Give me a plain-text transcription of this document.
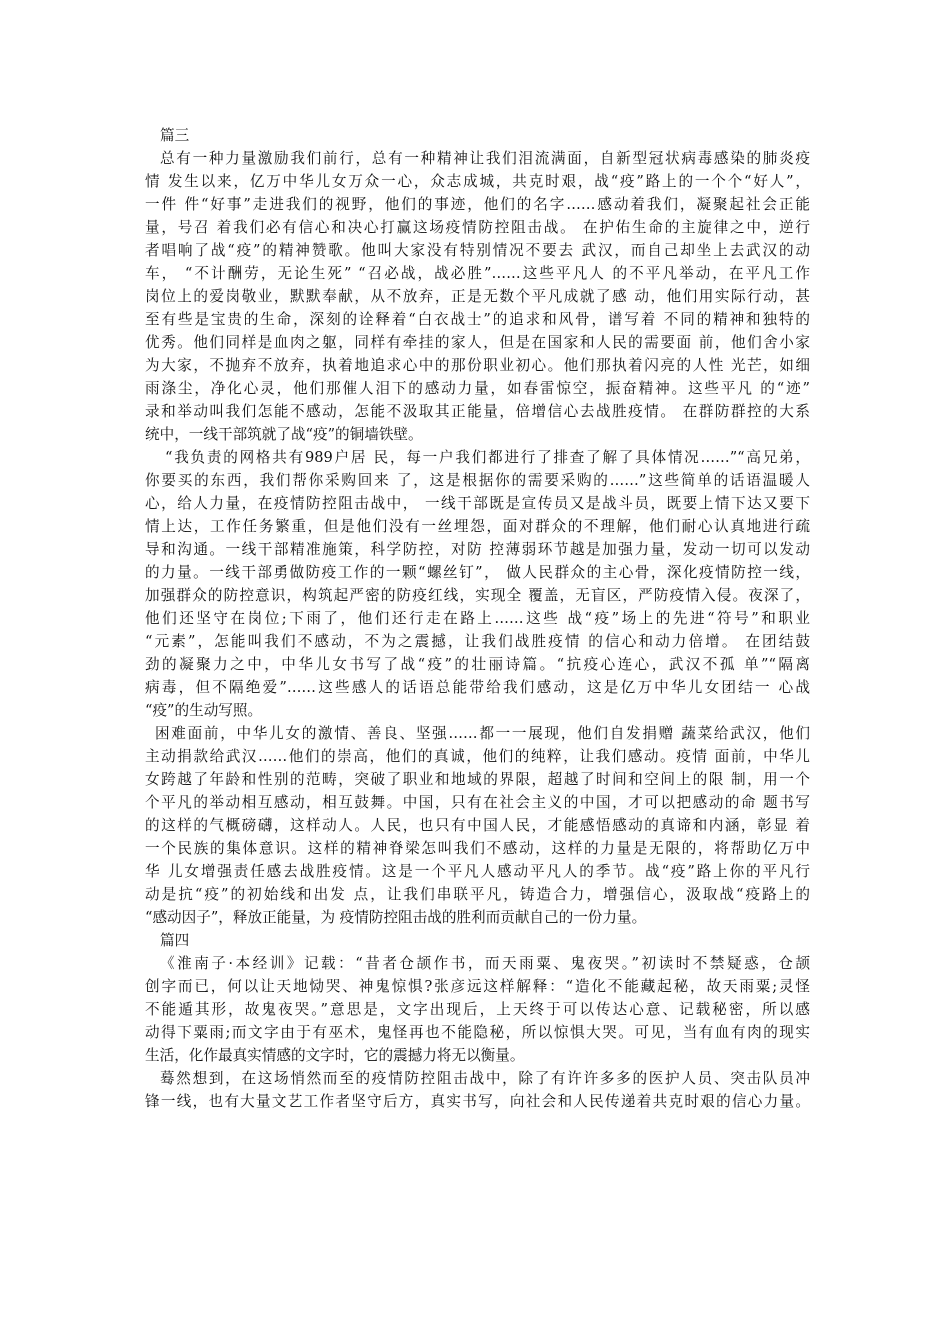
篇三
总有一种力量激励我们前行，总有一种精神让我们泪流满面，自新型冠状病毒感染的肺炎疫
情 发生以来，亿万中华儿女万众一心，众志成城，共克时艰，战“疫”路上的一个个“好人”，
一件 件“好事”走进我们的视野，他们的事迹，他们的名字……感动着我们，凝聚起社会正能
量，号召 着我们必有信心和决心打赢这场疫情防控阻击战。 在护佑生命的主旋律之中，逆行
者唱响了战“疫”的精神赞歌。他叫大家没有特别情况不要去 武汉，而自己却坐上去武汉的动
车， “不计酬劳，无论生死” “召必战，战必胜”……这些平凡人 的不平凡举动，在平凡工作
岗位上的爱岗敬业，默默奉献，从不放弃，正是无数个平凡成就了感 动，他们用实际行动，甚
至有些是宝贵的生命，深刻的诠释着“白衣战士”的追求和风骨，谱写着 不同的精神和独特的
优秀。他们同样是血肉之躯，同样有牵挂的家人，但是在国家和人民的需要面 前，他们舍小家
为大家，不抛弃不放弃，执着地追求心中的那份职业初心。他们那执着闪亮的人性 光芒，如细
雨涤尘，净化心灵，他们那催人泪下的感动力量，如春雷惊空，振奋精神。这些平凡 的“迹”
录和举动叫我们怎能不感动，怎能不汲取其正能量，倍增信心去战胜疫情。 在群防群控的大系
统中，一线干部筑就了战“疫”的铜墙铁壁。
“我负责的网格共有989户居 民，每一户我们都进行了排查了解了具体情况……”“高兄弟，
你要买的东西，我们帮你采购回来 了，这是根据你的需要采购的……”这些简单的话语温暖人
心，给人力量，在疫情防控阻击战中， 一线干部既是宣传员又是战斗员，既要上情下达又要下
情上达，工作任务繁重，但是他们没有一丝埋怨，面对群众的不理解，他们耐心认真地进行疏
导和沟通。一线干部精准施策，科学防控，对防 控薄弱环节越是加强力量，发动一切可以发动
的力量。一线干部勇做防疫工作的一颗“螺丝钉”， 做人民群众的主心骨，深化疫情防控一线，
加强群众的防控意识，构筑起严密的防疫红线，实现全 覆盖，无盲区，严防疫情入侵。夜深了，
他们还坚守在岗位;下雨了，他们还行走在路上……这些 战“疫”场上的先进“符号”和职业
“元素”，怎能叫我们不感动，不为之震撼，让我们战胜疫情 的信心和动力倍增。 在团结鼓
劲的凝聚力之中，中华儿女书写了战“疫”的壮丽诗篇。“抗疫心连心，武汉不孤 单”“隔离
病毒，但不隔绝爱”……这些感人的话语总能带给我们感动，这是亿万中华儿女团结一 心战
“疫”的生动写照。
困难面前，中华儿女的激情、善良、坚强……都一一展现，他们自发捐赠 蔬菜给武汉，他们
主动捐款给武汉……他们的崇高，他们的真诚，他们的纯粹，让我们感动。疫情 面前，中华儿
女跨越了年龄和性别的范畴，突破了职业和地域的界限，超越了时间和空间上的限 制，用一个
个平凡的举动相互感动，相互鼓舞。中国，只有在社会主义的中国，才可以把感动的命 题书写
的这样的气概磅礴，这样动人。人民，也只有中国人民，才能感悟感动的真谛和内涵，彰显 着
一个民族的集体意识。这样的精神脊梁怎叫我们不感动，这样的力量是无限的，将帮助亿万中
华 儿女增强责任感去战胜疫情。这是一个平凡人感动平凡人的季节。战“疫”路上你的平凡行
动是抗“疫”的初始线和出发 点，让我们串联平凡，铸造合力，增强信心，汲取战“疫路上的
“感动因子”，释放正能量，为 疫情防控阻击战的胜利而贡献自己的一份力量。
篇四
《淮南子·本经训》记载：“昔者仓颉作书，而天雨粟、鬼夜哭。”初读时不禁疑惑，仓颉
创字而已，何以让天地恸哭、神鬼惊惧?张彦远这样解释：“造化不能藏起秘，故天雨粟;灵怪
不能遁其形，故鬼夜哭。”意思是，文字出现后，上天终于可以传达心意、记载秘密，所以感
动得下粟雨;而文字由于有巫术，鬼怪再也不能隐秘，所以惊惧大哭。可见，当有血有肉的现实
生活，化作最真实情感的文字时，它的震撼力将无以衡量。
蓦然想到，在这场悄然而至的疫情防控阻击战中，除了有许许多多的医护人员、突击队员冲
锋一线，也有大量文艺工作者坚守后方，真实书写，向社会和人民传递着共克时艰的信心力量。
